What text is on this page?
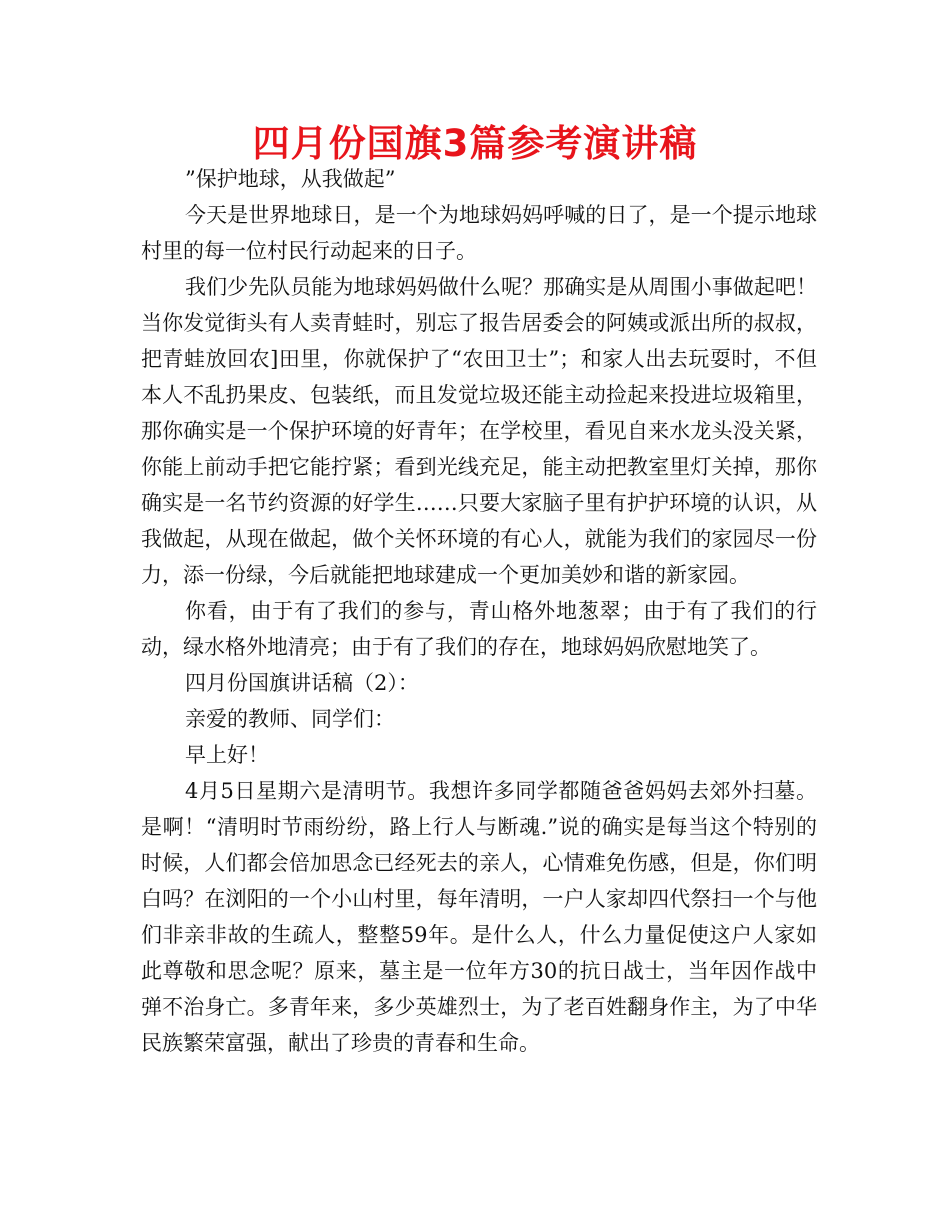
四月份国旗3篇参考演讲稿

”保护地球，从我做起”

今天是世界地球日，是一个为地球妈妈呼喊的日了，是一个提示地球村里的每一位村民行动起来的日子。

我们少先队员能为地球妈妈做什么呢？那确实是从周围小事做起吧！当你发觉街头有人卖青蛙时，别忘了报告居委会的阿姨或派出所的叔叔，把青蛙放回农]田里，你就保护了“农田卫士”；和家人出去玩耍时，不但本人不乱扔果皮、包装纸，而且发觉垃圾还能主动捡起来投进垃圾箱里，那你确实是一个保护环境的好青年；在学校里，看见自来水龙头没关紧，你能上前动手把它能拧紧；看到光线充足，能主动把教室里灯关掉，那你确实是一名节约资源的好学生……只要大家脑子里有护护环境的认识，从我做起，从现在做起，做个关怀环境的有心人，就能为我们的家园尽一份力，添一份绿，今后就能把地球建成一个更加美妙和谐的新家园。

你看，由于有了我们的参与，青山格外地葱翠；由于有了我们的行动，绿水格外地清亮；由于有了我们的存在，地球妈妈欣慰地笑了。

四月份国旗讲话稿（2）：

亲爱的教师、同学们：

早上好！

4月5日星期六是清明节。我想许多同学都随爸爸妈妈去郊外扫墓。是啊！“清明时节雨纷纷，路上行人与断魂.”说的确实是每当这个特别的时候，人们都会倍加思念已经死去的亲人，心情难免伤感，但是，你们明白吗？在浏阳的一个小山村里，每年清明，一户人家却四代祭扫一个与他们非亲非故的生疏人，整整59年。是什么人，什么力量促使这户人家如此尊敬和思念呢？原来，墓主是一位年方30的抗日战士，当年因作战中弹不治身亡。多青年来，多少英雄烈士，为了老百姓翻身作主，为了中华民族繁荣富强，献出了珍贵的青春和生命。
